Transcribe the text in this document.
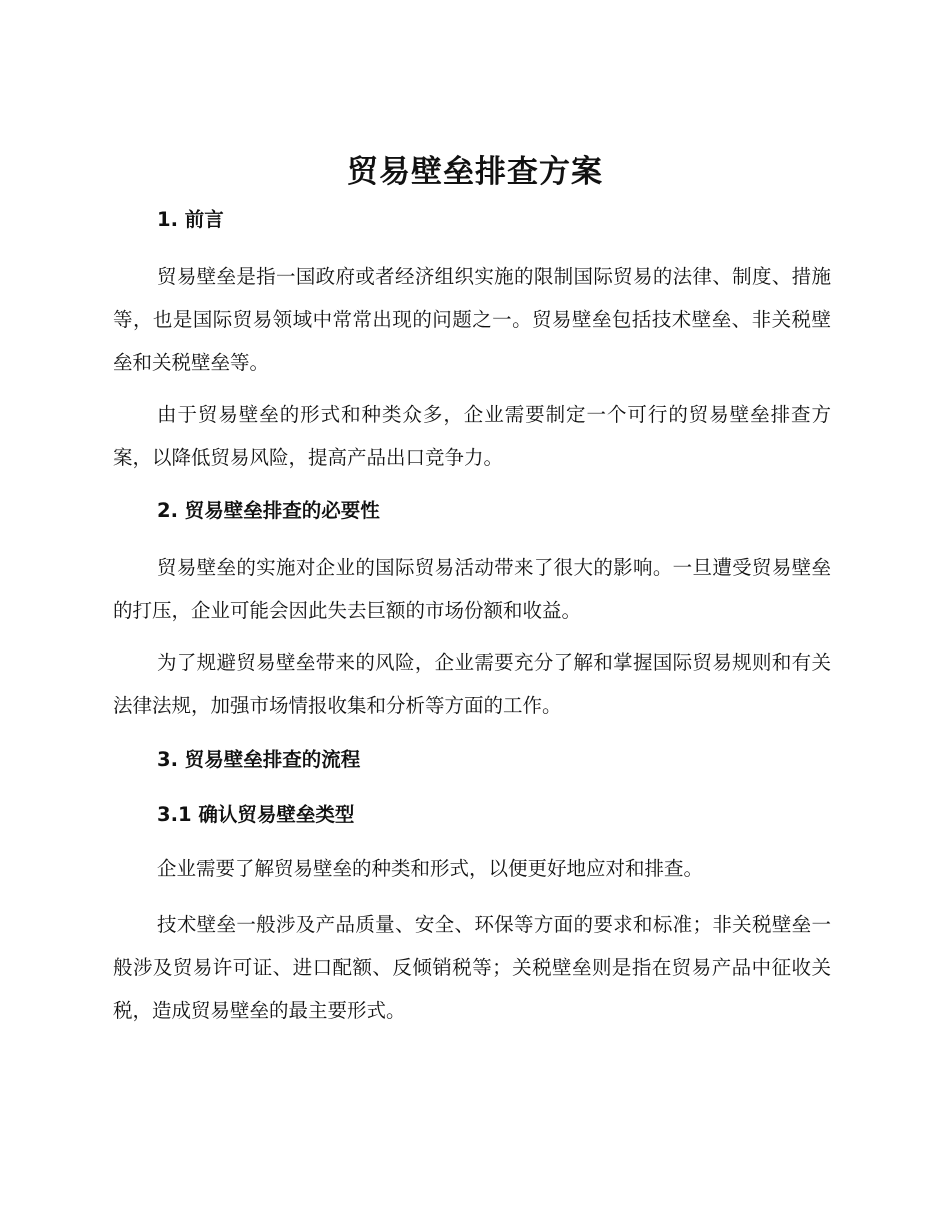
贸易壁垒排查方案
1. 前言

贸易壁垒是指一国政府或者经济组织实施的限制国际贸易的法律、制度、措施等，也是国际贸易领域中常常出现的问题之一。贸易壁垒包括技术壁垒、非关税壁垒和关税壁垒等。

由于贸易壁垒的形式和种类众多，企业需要制定一个可行的贸易壁垒排查方案，以降低贸易风险，提高产品出口竞争力。

2. 贸易壁垒排查的必要性

贸易壁垒的实施对企业的国际贸易活动带来了很大的影响。一旦遭受贸易壁垒的打压，企业可能会因此失去巨额的市场份额和收益。

为了规避贸易壁垒带来的风险，企业需要充分了解和掌握国际贸易规则和有关法律法规，加强市场情报收集和分析等方面的工作。

3. 贸易壁垒排查的流程
3.1 确认贸易壁垒类型

企业需要了解贸易壁垒的种类和形式，以便更好地应对和排查。

技术壁垒一般涉及产品质量、安全、环保等方面的要求和标准；非关税壁垒一般涉及贸易许可证、进口配额、反倾销税等；关税壁垒则是指在贸易产品中征收关税，造成贸易壁垒的最主要形式。
